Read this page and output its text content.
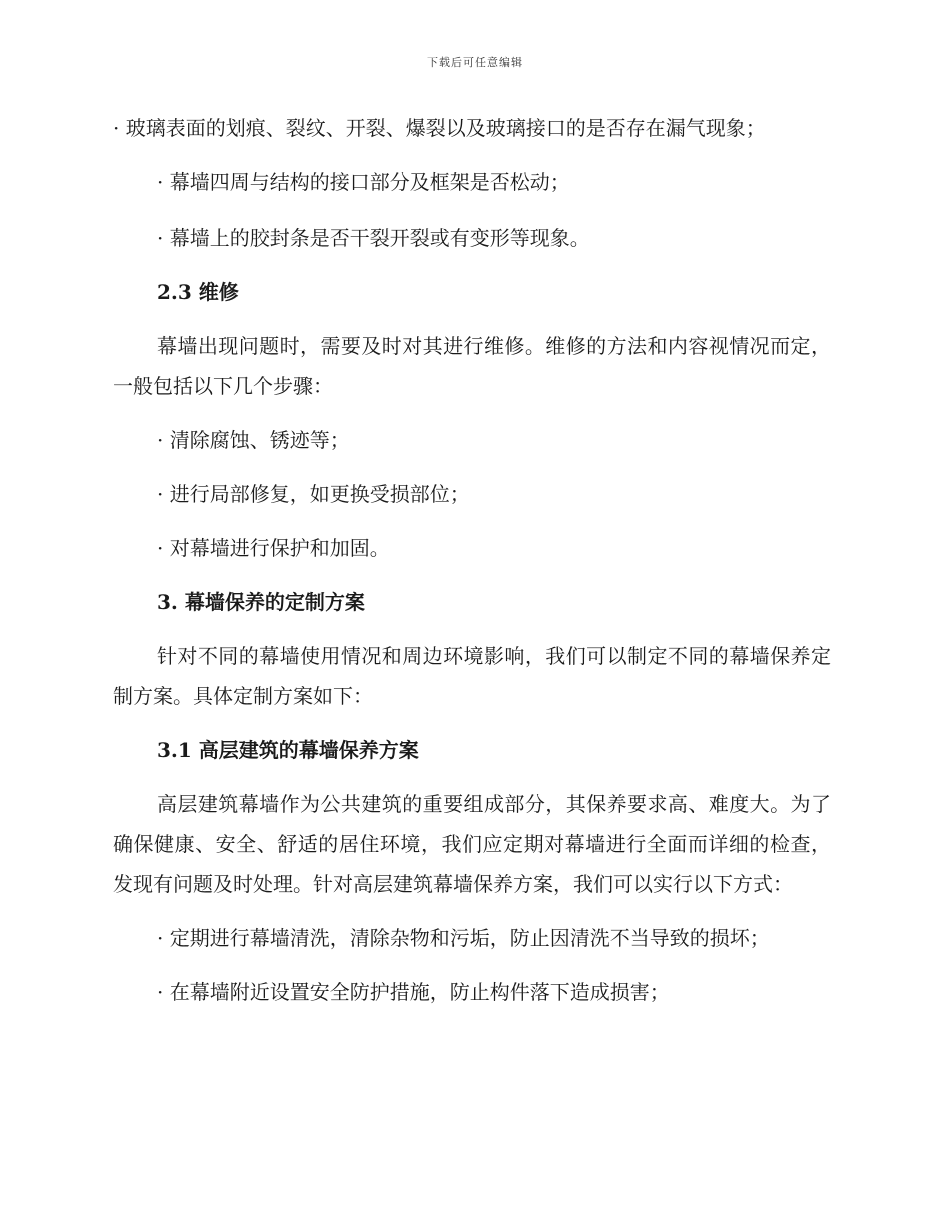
下载后可任意编辑

· 玻璃表面的划痕、裂纹、开裂、爆裂以及玻璃接口的是否存在漏气现象；

· 幕墙四周与结构的接口部分及框架是否松动；

· 幕墙上的胶封条是否干裂开裂或有变形等现象。

2.3 维修

幕墙出现问题时，需要及时对其进行维修。维修的方法和内容视情况而定，一般包括以下几个步骤：

· 清除腐蚀、锈迹等；

· 进行局部修复，如更换受损部位；

· 对幕墙进行保护和加固。

3. 幕墙保养的定制方案

针对不同的幕墙使用情况和周边环境影响，我们可以制定不同的幕墙保养定制方案。具体定制方案如下：

3.1 高层建筑的幕墙保养方案

高层建筑幕墙作为公共建筑的重要组成部分，其保养要求高、难度大。为了确保健康、安全、舒适的居住环境，我们应定期对幕墙进行全面而详细的检查，发现有问题及时处理。针对高层建筑幕墙保养方案，我们可以实行以下方式：

· 定期进行幕墙清洗，清除杂物和污垢，防止因清洗不当导致的损坏；

· 在幕墙附近设置安全防护措施，防止构件落下造成损害；
